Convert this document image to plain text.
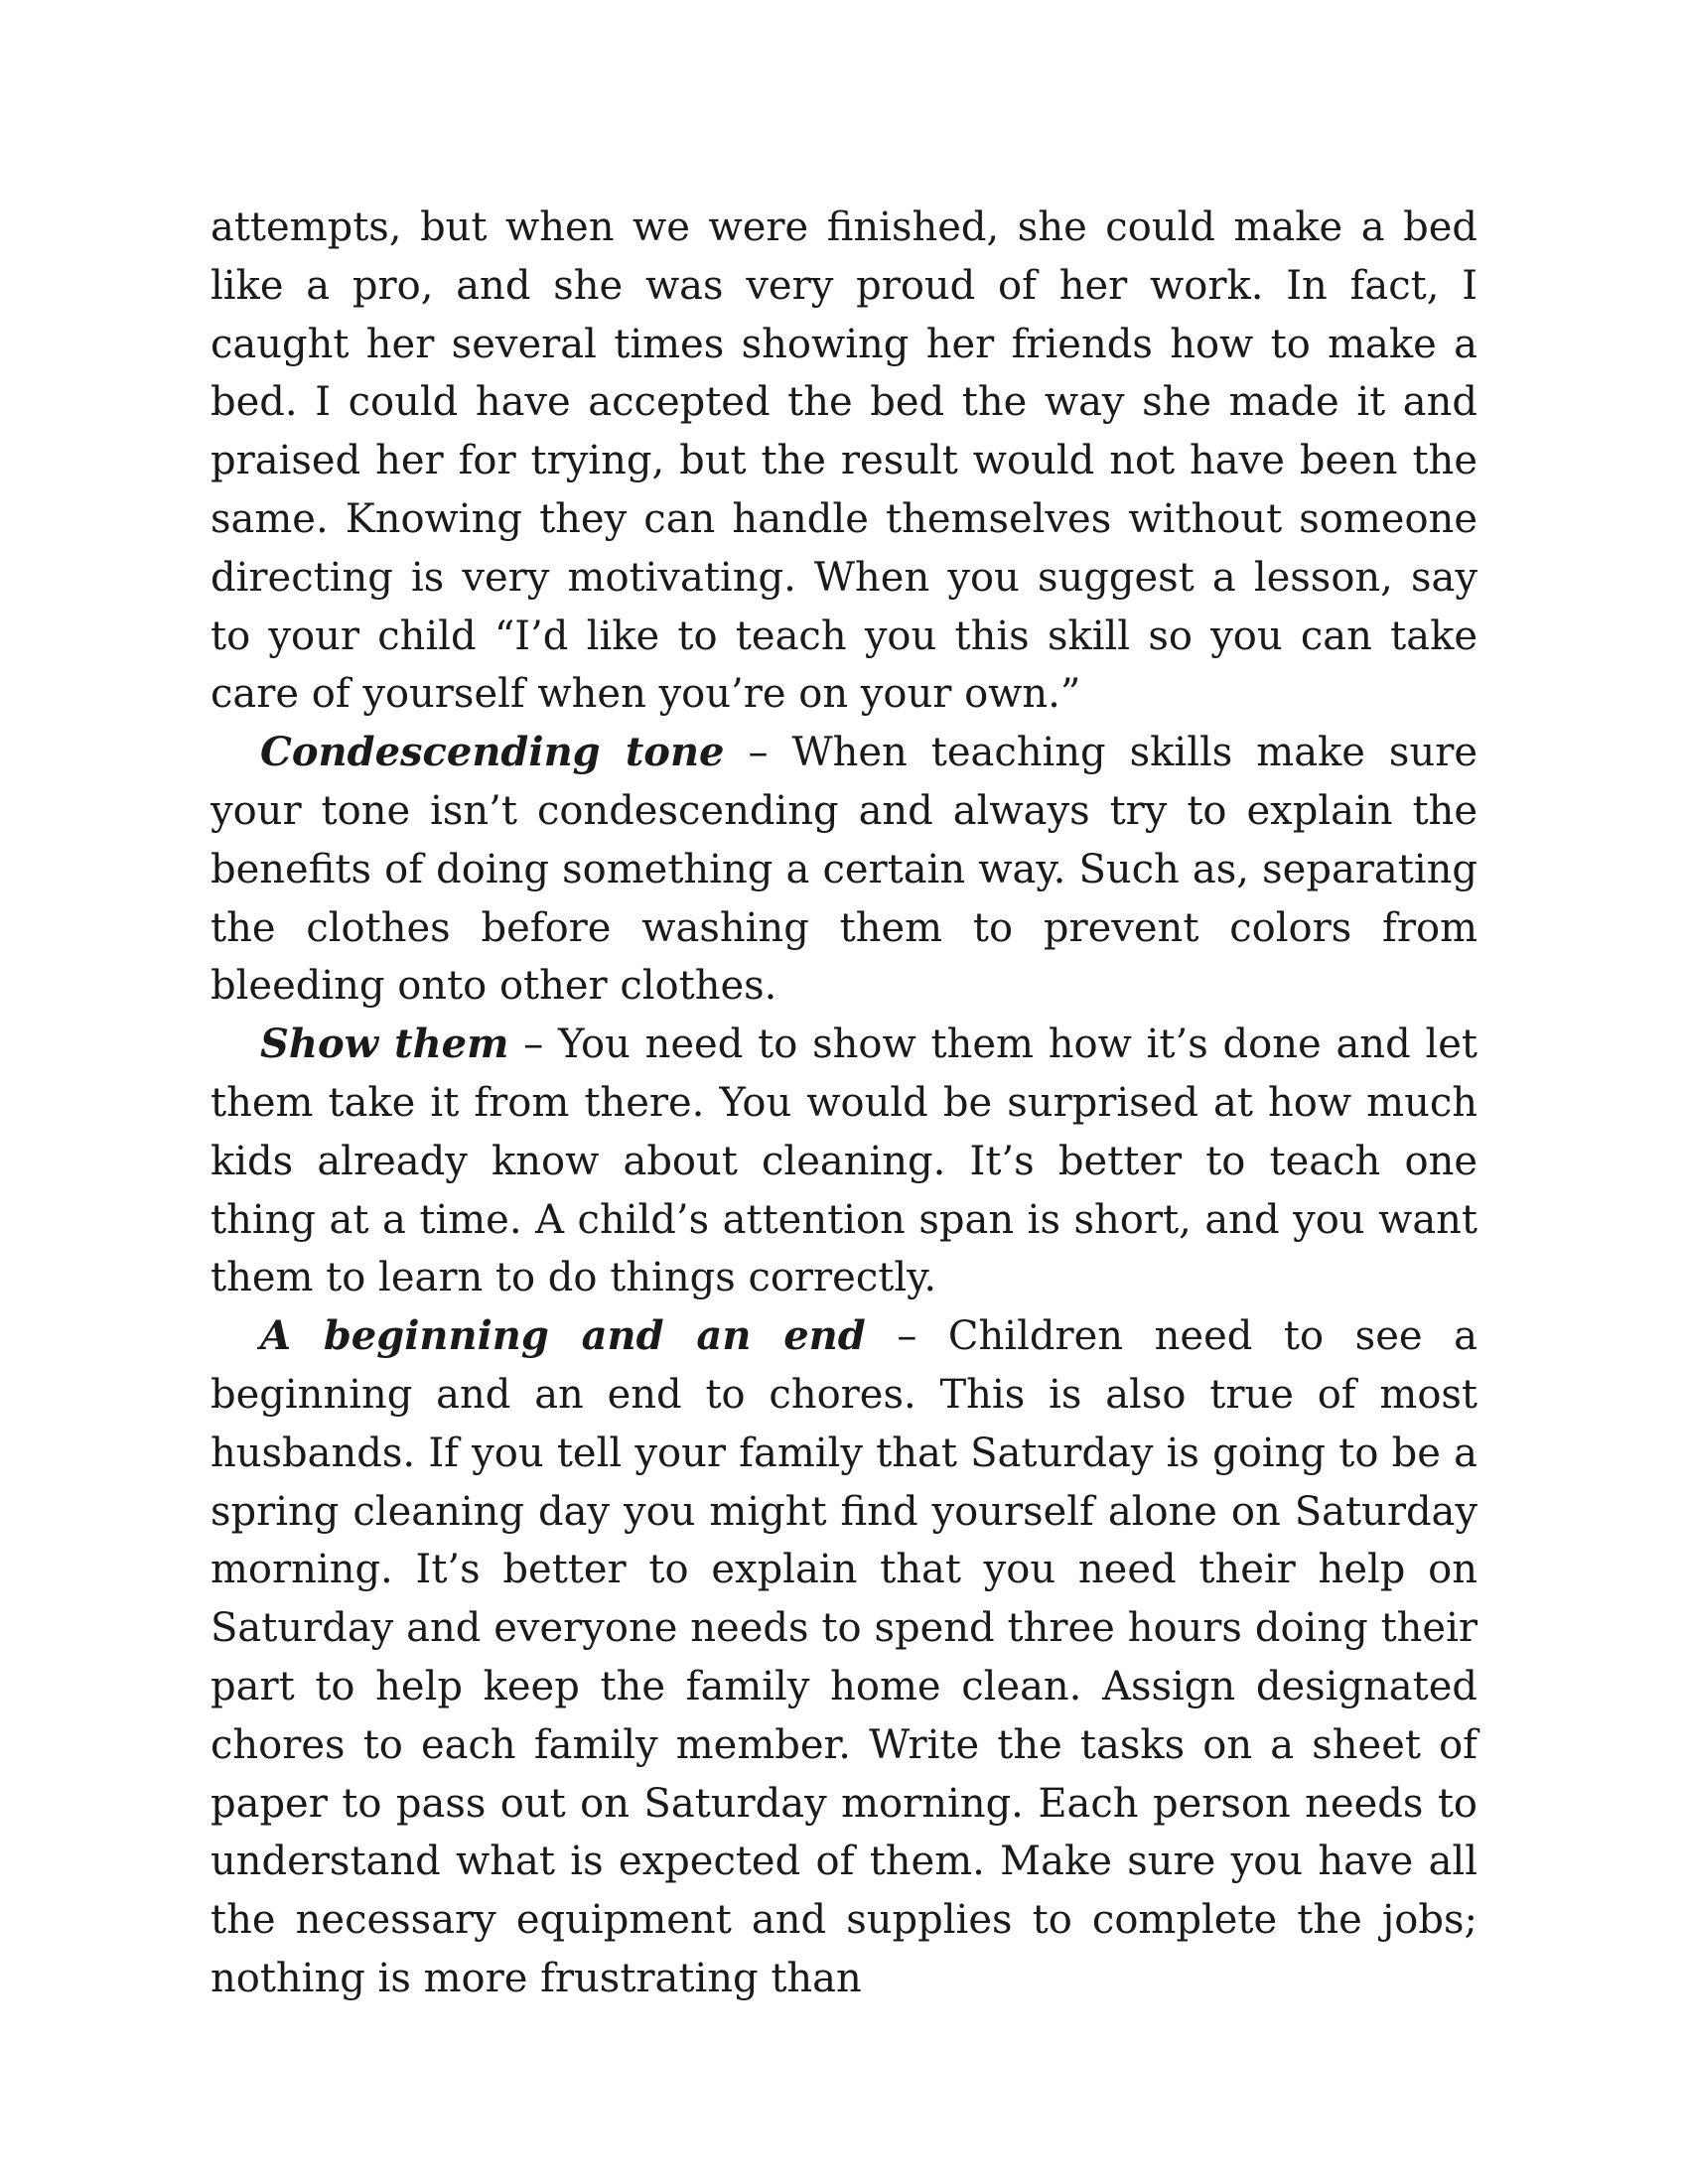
attempts, but when we were finished, she could make a bed like a pro, and she was very proud of her work. In fact, I caught her several times showing her friends how to make a bed. I could have accepted the bed the way she made it and praised her for trying, but the result would not have been the same. Knowing they can handle themselves without someone directing is very motivating. When you suggest a lesson, say to your child “I’d like to teach you this skill so you can take care of yourself when you’re on your own.”

Condescending tone – When teaching skills make sure your tone isn’t condescending and always try to explain the benefits of doing something a certain way. Such as, separating the clothes before washing them to prevent colors from bleeding onto other clothes.

Show them – You need to show them how it’s done and let them take it from there. You would be surprised at how much kids already know about cleaning. It’s better to teach one thing at a time. A child’s attention span is short, and you want them to learn to do things correctly.

A beginning and an end – Children need to see a beginning and an end to chores. This is also true of most husbands. If you tell your family that Saturday is going to be a spring cleaning day you might find yourself alone on Saturday morning. It’s better to explain that you need their help on Saturday and everyone needs to spend three hours doing their part to help keep the family home clean. Assign designated chores to each family member. Write the tasks on a sheet of paper to pass out on Saturday morning. Each person needs to understand what is expected of them. Make sure you have all the necessary equipment and supplies to complete the jobs; nothing is more frustrating than
